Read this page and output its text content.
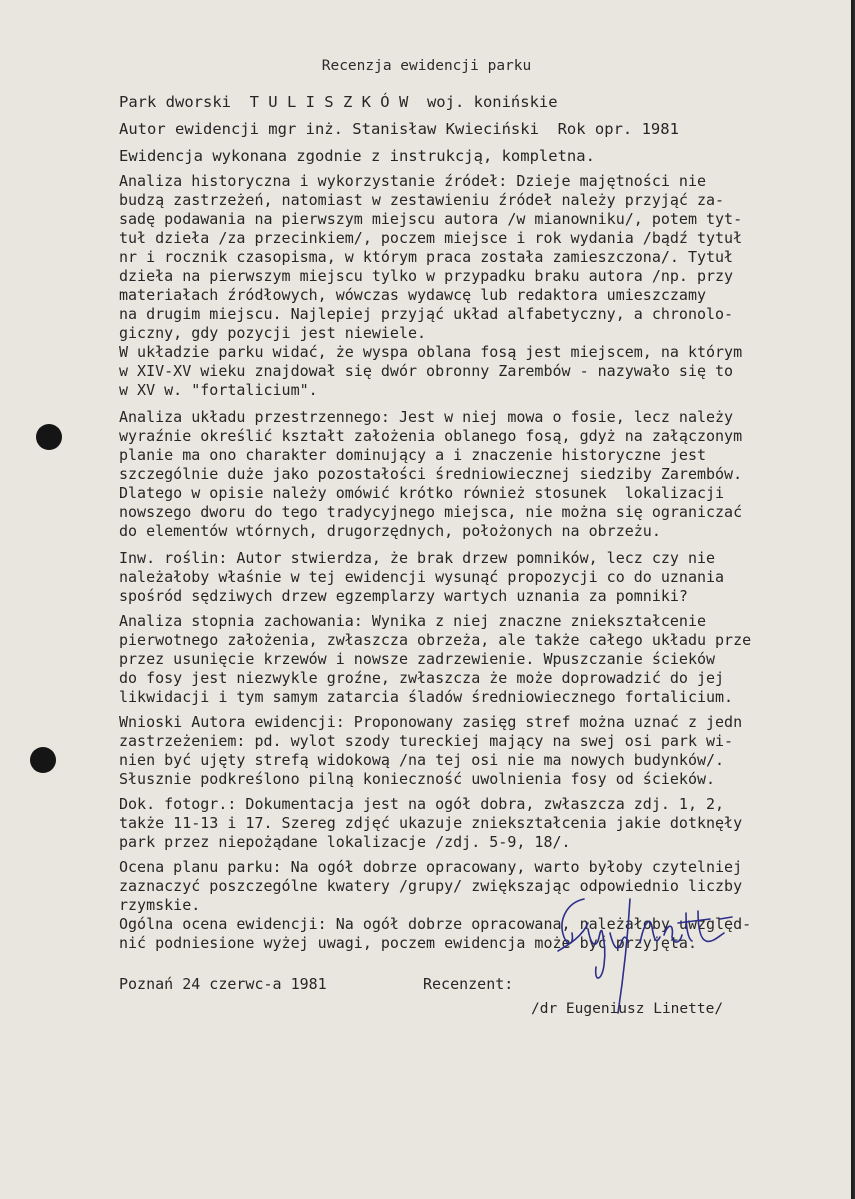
Recenzja ewidencji parku
Park dworski  T U L I S Z K Ó W  woj. konińskie
Autor ewidencji mgr inż. Stanisław Kwieciński  Rok opr. 1981
Ewidencja wykonana zgodnie z instrukcją, kompletna.
Analiza historyczna i wykorzystanie źródeł: Dzieje majętności nie
budzą zastrzeżeń, natomiast w zestawieniu źródeł należy przyjąć za-
sadę podawania na pierwszym miejscu autora /w mianowniku/, potem tyt-
tuł dzieła /za przecinkiem/, poczem miejsce i rok wydania /bądź tytuł
nr i rocznik czasopisma, w którym praca została zamieszczona/. Tytuł
dzieła na pierwszym miejscu tylko w przypadku braku autora /np. przy
materiałach źródłowych, wówczas wydawcę lub redaktora umieszczamy
na drugim miejscu. Najlepiej przyjąć układ alfabetyczny, a chronolo-
giczny, gdy pozycji jest niewiele.
W układzie parku widać, że wyspa oblana fosą jest miejscem, na którym
w XIV-XV wieku znajdował się dwór obronny Zarembów - nazywało się to
w XV w. "fortalicium".
Analiza układu przestrzennego: Jest w niej mowa o fosie, lecz należy
wyraźnie określić kształt założenia oblanego fosą, gdyż na załączonym
planie ma ono charakter dominujący a i znaczenie historyczne jest
szczególnie duże jako pozostałości średniowiecznej siedziby Zarembów.
Dlatego w opisie należy omówić krótko również stosunek  lokalizacji
nowszego dworu do tego tradycyjnego miejsca, nie można się ograniczać
do elementów wtórnych, drugorzędnych, położonych na obrzeżu.
Inw. roślin: Autor stwierdza, że brak drzew pomników, lecz czy nie
należałoby właśnie w tej ewidencji wysunąć propozycji co do uznania
spośród sędziwych drzew egzemplarzy wartych uznania za pomniki?
Analiza stopnia zachowania: Wynika z niej znaczne zniekształcenie
pierwotnego założenia, zwłaszcza obrzeża, ale także całego układu prze
przez usunięcie krzewów i nowsze zadrzewienie. Wpuszczanie ścieków
do fosy jest niezwykle groźne, zwłaszcza że może doprowadzić do jej
likwidacji i tym samym zatarcia śladów średniowiecznego fortalicium.
Wnioski Autora ewidencji: Proponowany zasięg stref można uznać z jedn
zastrzeżeniem: pd. wylot szody tureckiej mający na swej osi park wi-
nien być ujęty strefą widokową /na tej osi nie ma nowych budynków/.
Słusznie podkreślono pilną konieczność uwolnienia fosy od ścieków.
Dok. fotogr.: Dokumentacja jest na ogół dobra, zwłaszcza zdj. 1, 2,
także 11-13 i 17. Szereg zdjęć ukazuje zniekształcenia jakie dotknęły
park przez niepożądane lokalizacje /zdj. 5-9, 18/.
Ocena planu parku: Na ogół dobrze opracowany, warto byłoby czytelniej
zaznaczyć poszczególne kwatery /grupy/ zwiększając odpowiednio liczby
rzymskie.
Ogólna ocena ewidencji: Na ogół dobrze opracowana, należałoby uwzględ-
nić podniesione wyżej uwagi, poczem ewidencja może być przyjęta.
Poznań 24 czerwc-a 1981	Recenzent:
/dr Eugeniusz Linette/
